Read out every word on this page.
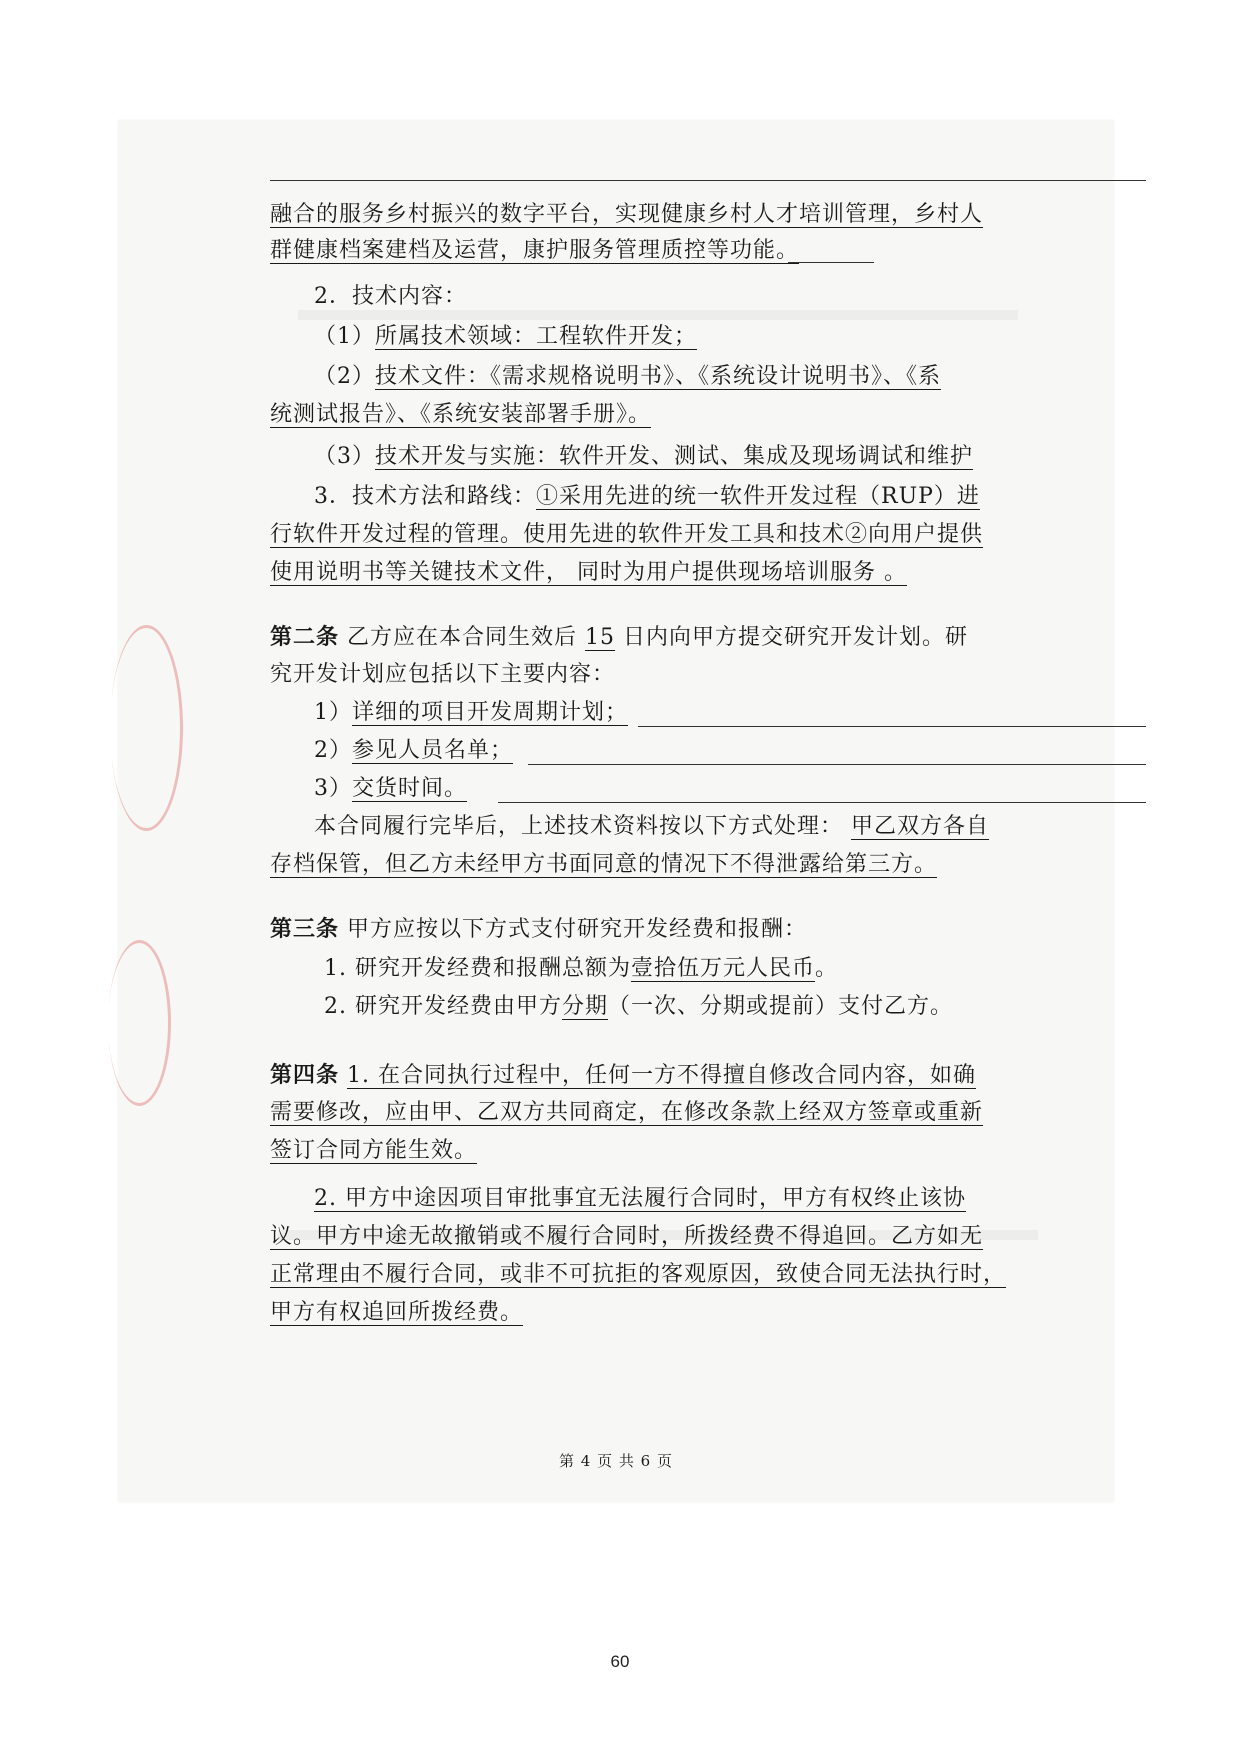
融合的服务乡村振兴的数字平台，实现健康乡村人才培训管理，乡村人
群健康档案建档及运营，康护服务管理质控等功能。
2．技术内容：
（1）所属技术领域：工程软件开发；
（2）技术文件：《需求规格说明书》、《系统设计说明书》、《系
统测试报告》、《系统安装部署手册》。
（3）技术开发与实施：软件开发、测试、集成及现场调试和维护
3．技术方法和路线：①采用先进的统一软件开发过程（RUP）进
行软件开发过程的管理。使用先进的软件开发工具和技术②向用户提供
使用说明书等关键技术文件， 同时为用户提供现场培训服务 。
第二条 乙方应在本合同生效后 15 日内向甲方提交研究开发计划。研
究开发计划应包括以下主要内容：
1）详细的项目开发周期计划；
2）参见人员名单；
3）交货时间。
本合同履行完毕后，上述技术资料按以下方式处理： 甲乙双方各自
存档保管，但乙方未经甲方书面同意的情况下不得泄露给第三方。
第三条 甲方应按以下方式支付研究开发经费和报酬：
1. 研究开发经费和报酬总额为壹拾伍万元人民币。
2. 研究开发经费由甲方分期（一次、分期或提前）支付乙方。
第四条 1. 在合同执行过程中，任何一方不得擅自修改合同内容，如确
需要修改，应由甲、乙双方共同商定，在修改条款上经双方签章或重新
签订合同方能生效。
2. 甲方中途因项目审批事宜无法履行合同时，甲方有权终止该协
议。甲方中途无故撤销或不履行合同时，所拨经费不得追回。乙方如无
正常理由不履行合同，或非不可抗拒的客观原因，致使合同无法执行时，
甲方有权追回所拨经费。
第 4 页 共 6 页
60
